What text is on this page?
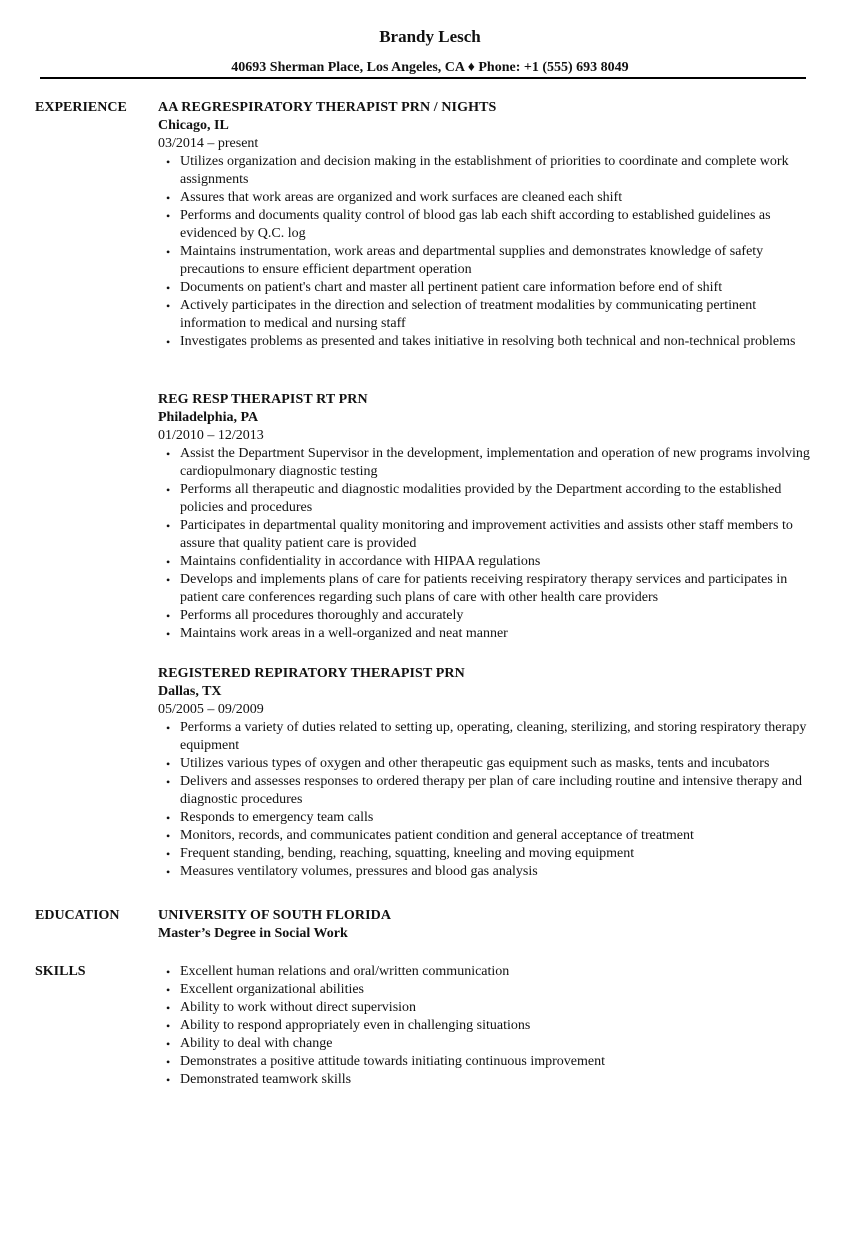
Brandy Lesch
40693 Sherman Place, Los Angeles, CA ♦ Phone: +1 (555) 693 8049
EXPERIENCE AA REGRESPIRATORY THERAPIST PRN / NIGHTS
Chicago, IL
03/2014 – present
• Utilizes organization and decision making in the establishment of priorities to coordinate and complete work assignments
• Assures that work areas are organized and work surfaces are cleaned each shift
• Performs and documents quality control of blood gas lab each shift according to established guidelines as evidenced by Q.C. log
• Maintains instrumentation, work areas and departmental supplies and demonstrates knowledge of safety precautions to ensure efficient department operation
• Documents on patient's chart and master all pertinent patient care information before end of shift
• Actively participates in the direction and selection of treatment modalities by communicating pertinent information to medical and nursing staff
• Investigates problems as presented and takes initiative in resolving both technical and non-technical problems
REG RESP THERAPIST RT PRN
Philadelphia, PA
01/2010 – 12/2013
• Assist the Department Supervisor in the development, implementation and operation of new programs involving cardiopulmonary diagnostic testing
• Performs all therapeutic and diagnostic modalities provided by the Department according to the established policies and procedures
• Participates in departmental quality monitoring and improvement activities and assists other staff members to assure that quality patient care is provided
• Maintains confidentiality in accordance with HIPAA regulations
• Develops and implements plans of care for patients receiving respiratory therapy services and participates in patient care conferences regarding such plans of care with other health care providers
• Performs all procedures thoroughly and accurately
• Maintains work areas in a well-organized and neat manner
REGISTERED REPIRATORY THERAPIST PRN
Dallas, TX
05/2005 – 09/2009
• Performs a variety of duties related to setting up, operating, cleaning, sterilizing, and storing respiratory therapy equipment
• Utilizes various types of oxygen and other therapeutic gas equipment such as masks, tents and incubators
• Delivers and assesses responses to ordered therapy per plan of care including routine and intensive therapy and diagnostic procedures
• Responds to emergency team calls
• Monitors, records, and communicates patient condition and general acceptance of treatment
• Frequent standing, bending, reaching, squatting, kneeling and moving equipment
• Measures ventilatory volumes, pressures and blood gas analysis
EDUCATION	UNIVERSITY OF SOUTH FLORIDA
Master’s Degree in Social Work
SKILLS	• Excellent human relations and oral/written communication
• Excellent organizational abilities
• Ability to work without direct supervision
• Ability to respond appropriately even in challenging situations
• Ability to deal with change
• Demonstrates a positive attitude towards initiating continuous improvement
• Demonstrated teamwork skills
